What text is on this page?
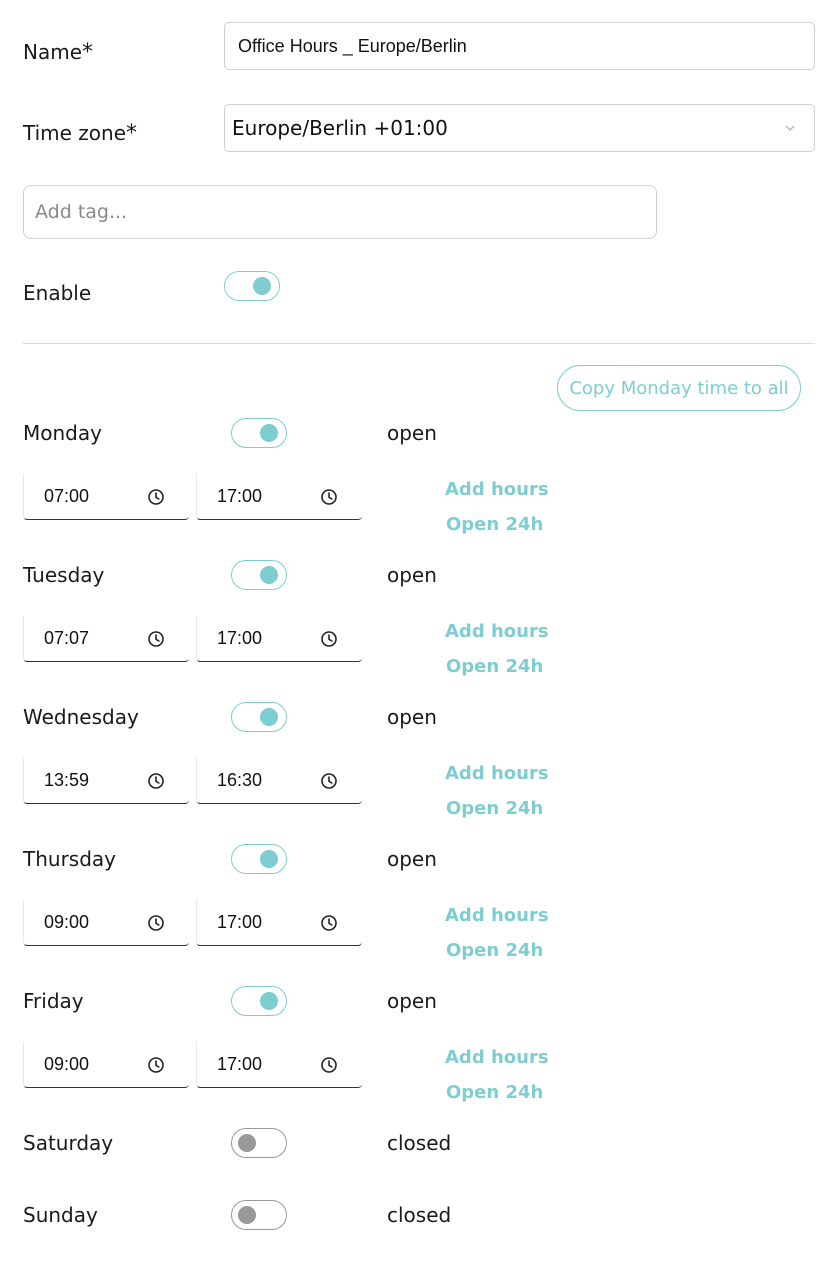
Name*	Office Hours _ Europe/Berlin
Time zone*	Europe/Berlin +01:00
Add tag...
Enable
Copy Monday time to all
Monday	open
07:00	17:00	Add hours
Open 24h
Tuesday	open
07:07	17:00	Add hours
Open 24h
Wednesday	open
13:59	16:30	Add hours
Open 24h
Thursday	open
09:00	17:00	Add hours
Open 24h
Friday	open
09:00	17:00	Add hours
Open 24h
Saturday	closed
Sunday	closed
